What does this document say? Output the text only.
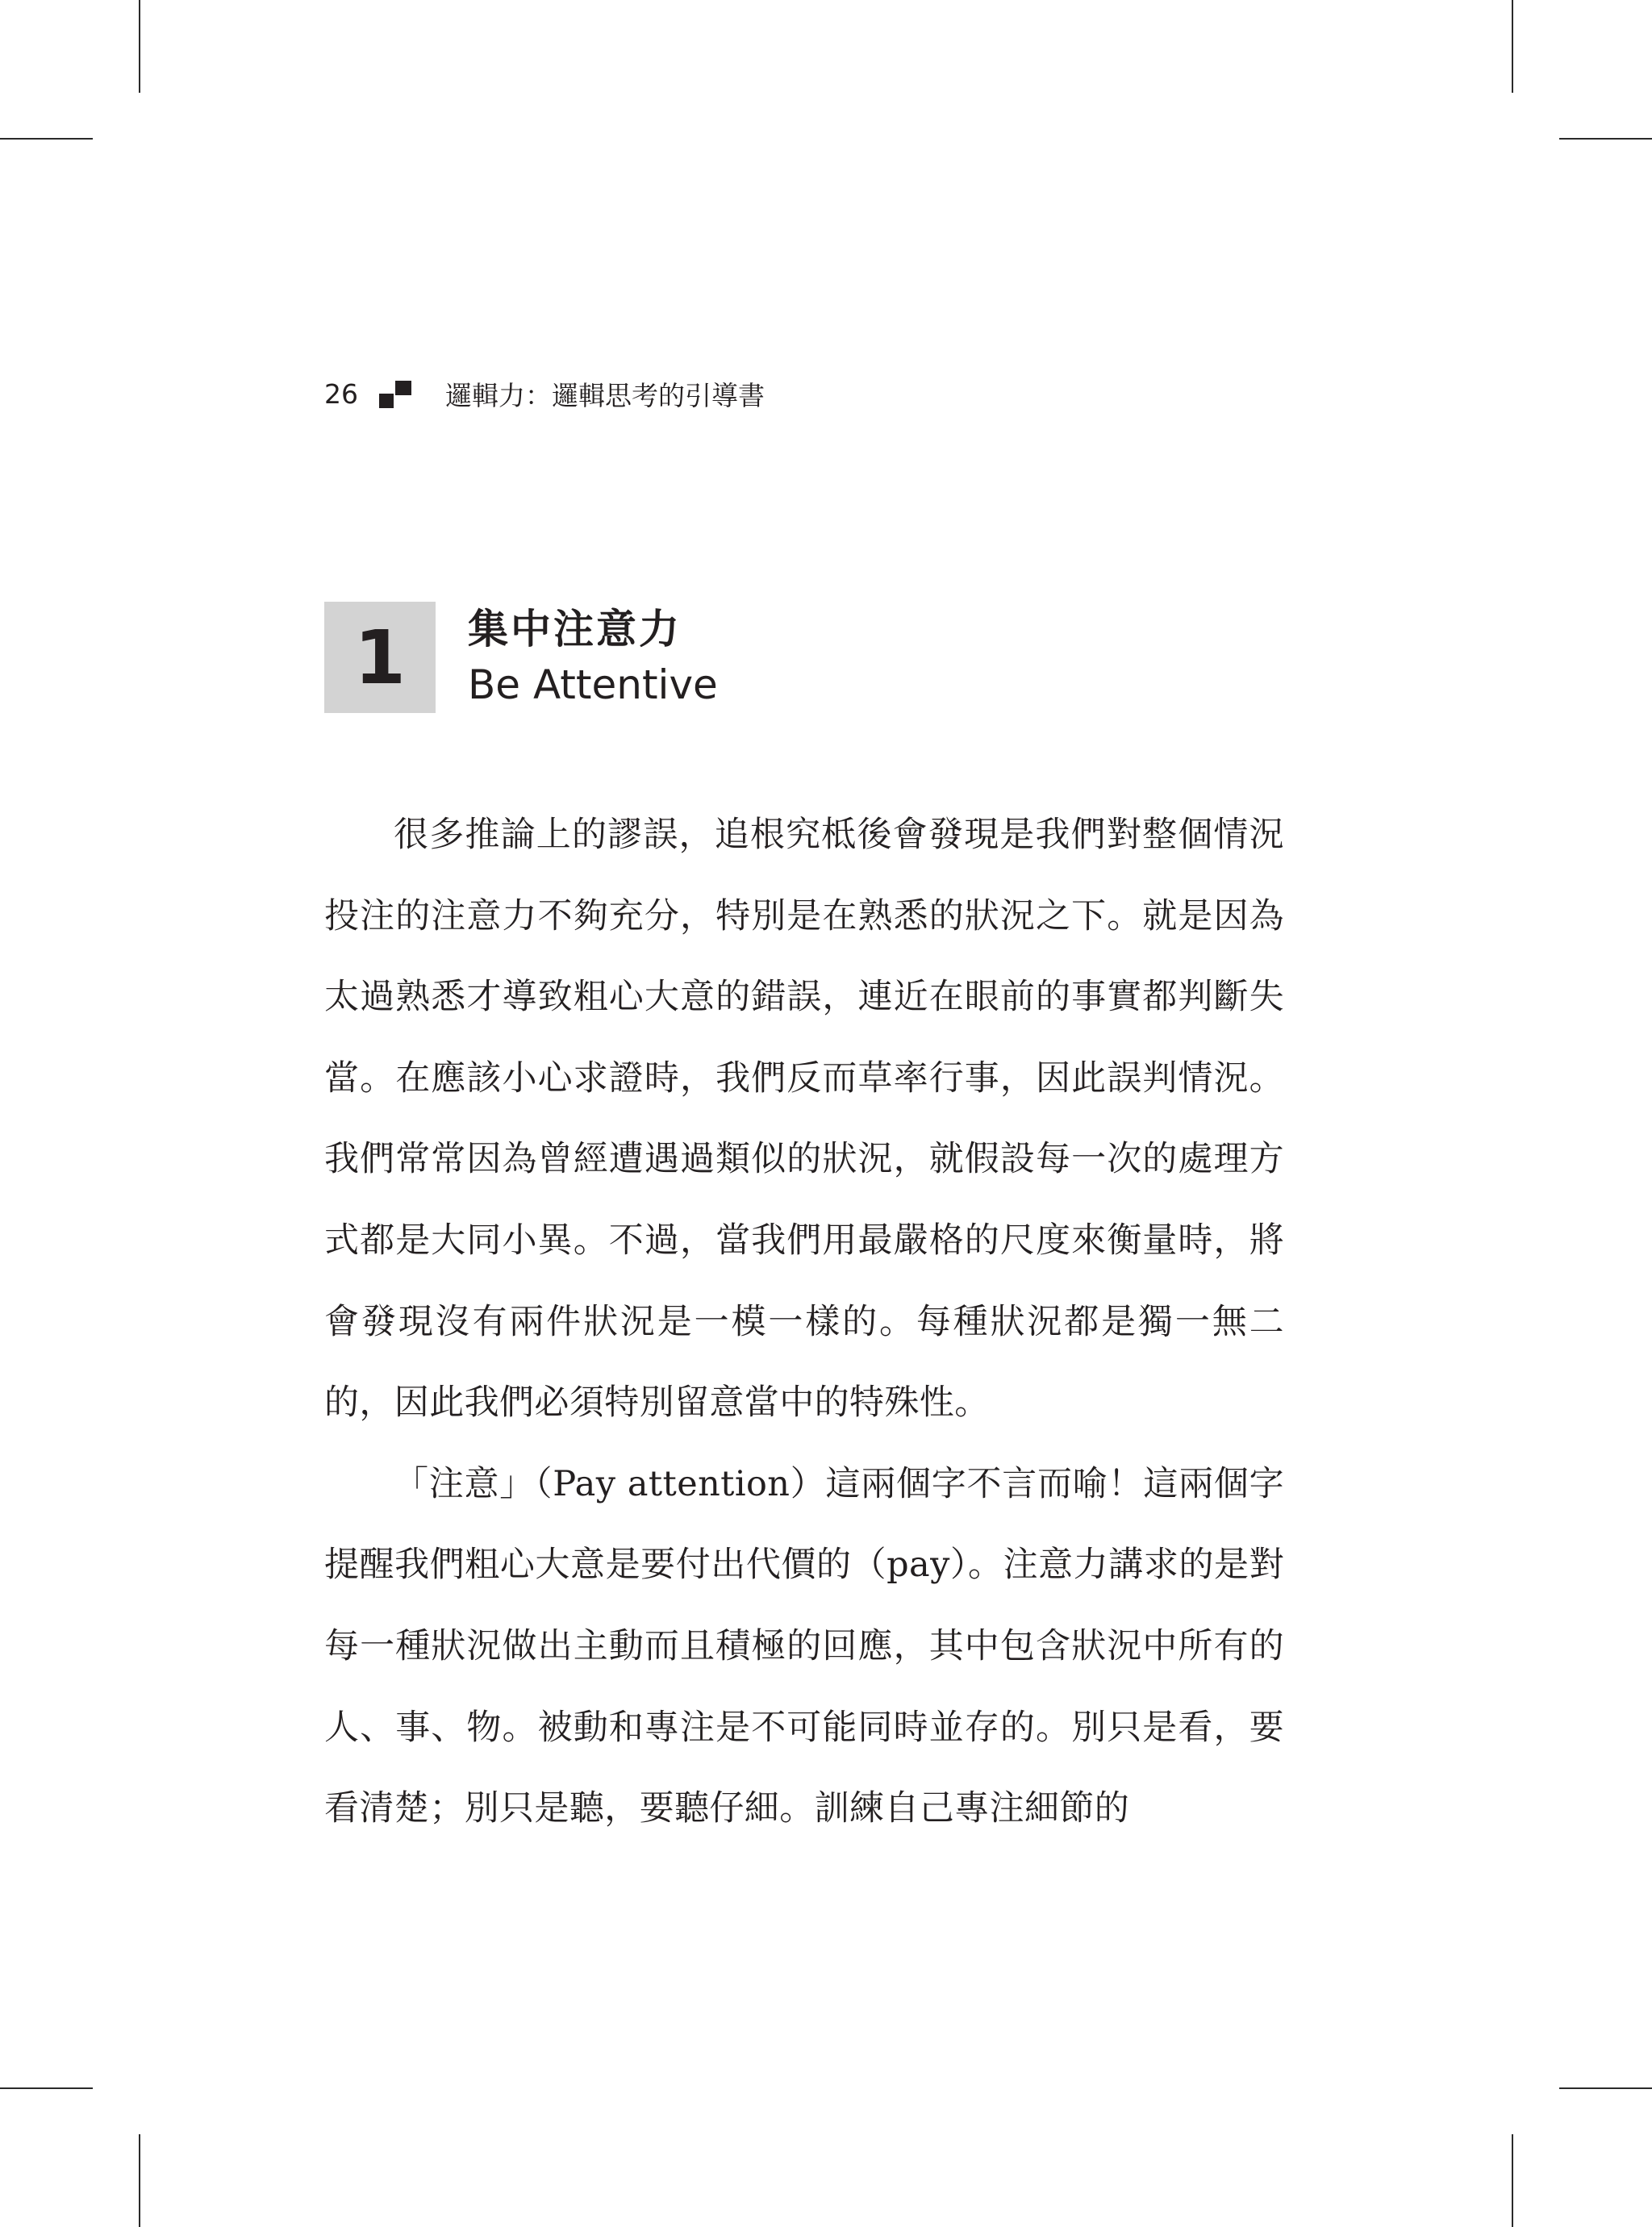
26	邏輯力：邏輯思考的引導書
1 集中注意力
Be Attentive

很多推論上的謬誤，追根究柢後會發現是我們對整個情況投注的注意力不夠充分，特別是在熟悉的狀況之下。就是因為太過熟悉才導致粗心大意的錯誤，連近在眼前的事實都判斷失當。在應該小心求證時，我們反而草率行事，因此誤判情況。我們常常因為曾經遭遇過類似的狀況，就假設每一次的處理方式都是大同小異。不過，當我們用最嚴格的尺度來衡量時，將會發現沒有兩件狀況是一模一樣的。每種狀況都是獨一無二的，因此我們必須特別留意當中的特殊性。

「注意」（Pay attention）這兩個字不言而喻！這兩個字提醒我們粗心大意是要付出代價的（pay）。注意力講求的是對每一種狀況做出主動而且積極的回應，其中包含狀況中所有的人、事、物。被動和專注是不可能同時並存的。別只是看，要看清楚；別只是聽，要聽仔細。訓練自己專注細節的
